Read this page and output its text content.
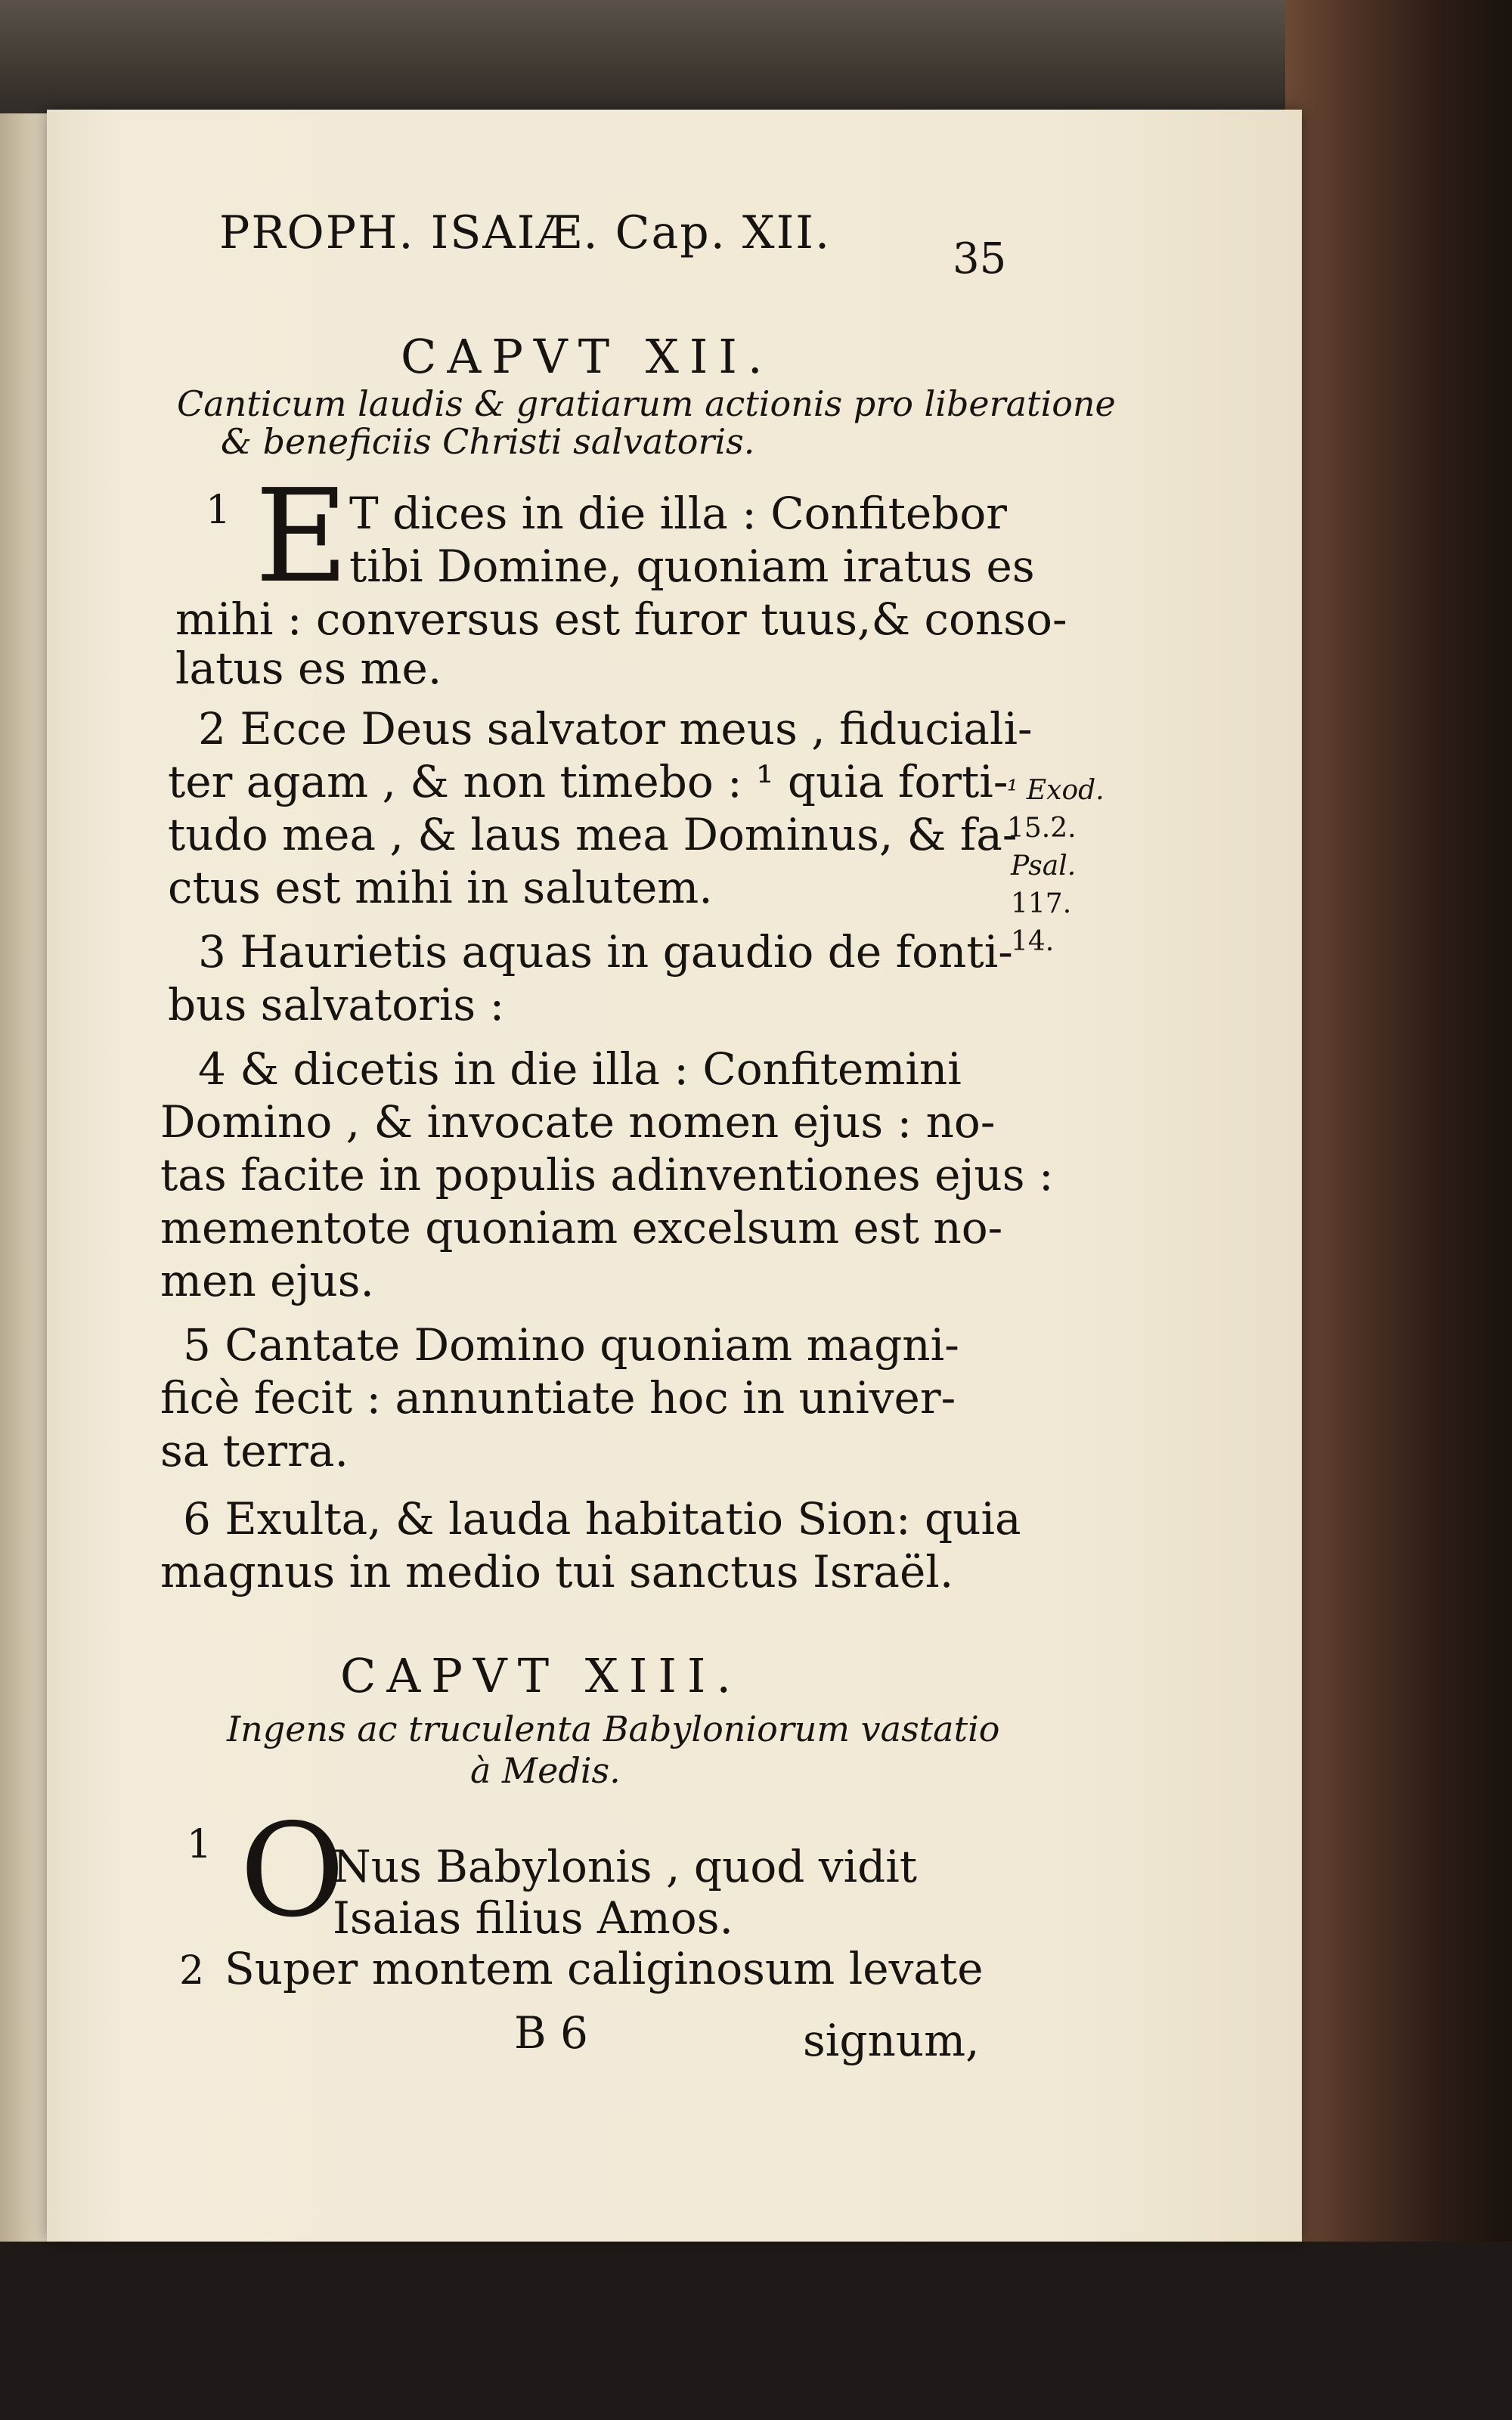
PROPH. ISAIÆ. Cap. XII.	35
CAPVT XII.
Canticum laudis & gratiarum actionis pro liberatione
& beneficiis Christi salvatoris.
1 E T dices in die illa : Confitebor
tibi Domine, quoniam iratus es
mihi : conversus est furor tuus,& conso-
latus es me.
2 Ecce Deus salvator meus , fiduciali-
ter agam , & non timebo : ¹ quia forti-
tudo mea , & laus mea Dominus, & fa-
ctus est mihi in salutem.
¹ Exod.
15.2.
Psal.
117.
14.
3 Haurietis aquas in gaudio de fonti-
bus salvatoris :
4 & dicetis in die illa : Confitemini
Domino , & invocate nomen ejus : no-
tas facite in populis adinventiones ejus :
mementote quoniam excelsum est no-
men ejus.
5 Cantate Domino quoniam magni-
ficè fecit : annuntiate hoc in univer-
sa terra.
6 Exulta, & lauda habitatio Sion: quia
magnus in medio tui sanctus Israël.
CAPVT XIII.
Ingens ac truculenta Babyloniorum vastatio
à Medis.
1 O
Nus Babylonis , quod vidit
Isaias filius Amos.
2 Super montem caliginosum levate
B 6	signum,
